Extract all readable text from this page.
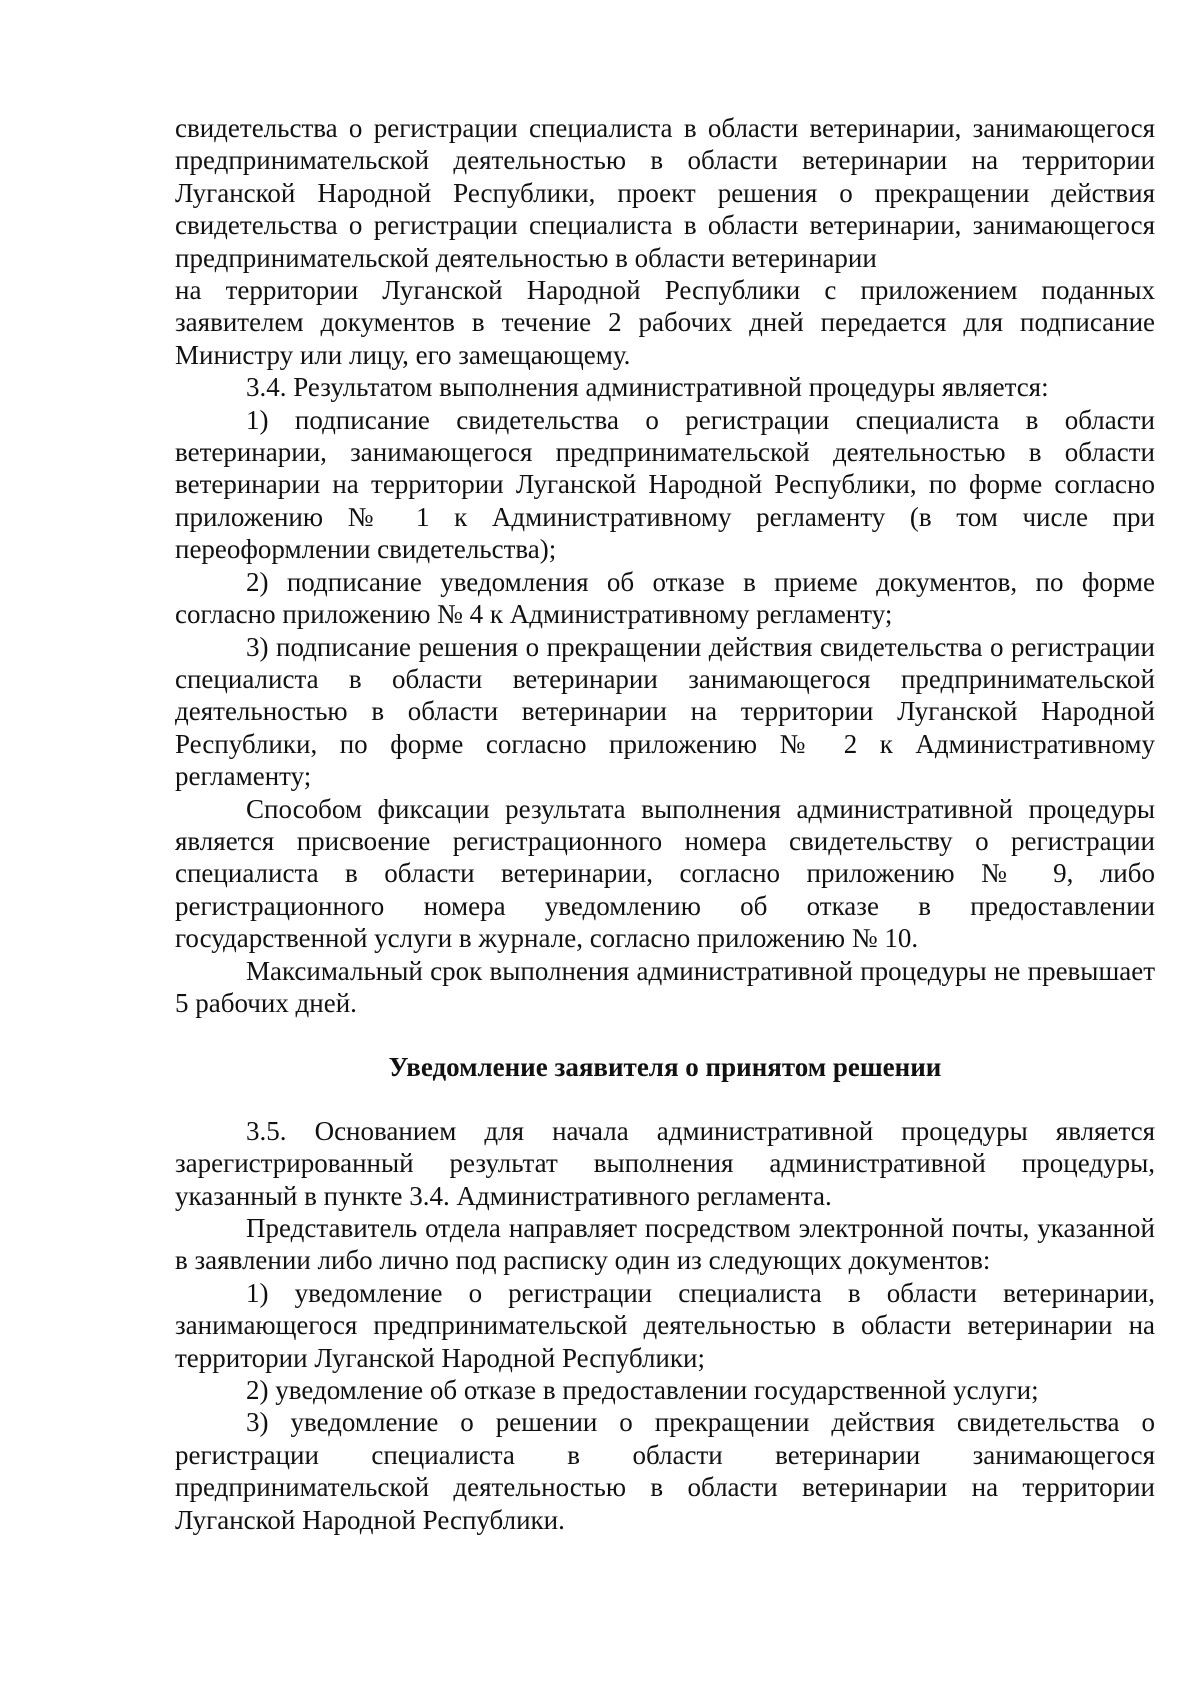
свидетельства о регистрации специалиста в области ветеринарии, занимающегося предпринимательской деятельностью в области ветеринарии на территории Луганской Народной Республики, проект решения о прекращении действия свидетельства о регистрации специалиста в области ветеринарии, занимающегося предпринимательской деятельностью в области ветеринарии

на территории Луганской Народной Республики с приложением поданных заявителем документов в течение 2 рабочих дней передается для подписание Министру или лицу, его замещающему.

3.4. Результатом выполнения административной процедуры является:

1) подписание свидетельства о регистрации специалиста в области ветеринарии, занимающегося предпринимательской деятельностью в области ветеринарии на территории Луганской Народной Республики, по форме согласно приложению № 1 к Административному регламенту (в том числе при переоформлении свидетельства);

2) подписание уведомления об отказе в приеме документов, по форме согласно приложению № 4 к Административному регламенту;

3) подписание решения о прекращении действия свидетельства о регистрации специалиста в области ветеринарии занимающегося предпринимательской деятельностью в области ветеринарии на территории Луганской Народной Республики, по форме согласно приложению № 2 к Административному регламенту;

Способом фиксации результата выполнения административной процедуры является присвоение регистрационного номера свидетельству о регистрации специалиста в области ветеринарии, согласно приложению № 9, либо регистрационного номера уведомлению об отказе в предоставлении государственной услуги в журнале, согласно приложению № 10.

Максимальный срок выполнения административной процедуры не превышает 5 рабочих дней.

Уведомление заявителя о принятом решении

3.5. Основанием для начала административной процедуры является зарегистрированный результат выполнения административной процедуры, указанный в пункте 3.4. Административного регламента.

Представитель отдела направляет посредством электронной почты, указанной в заявлении либо лично под расписку один из следующих документов:

1) уведомление о регистрации специалиста в области ветеринарии, занимающегося предпринимательской деятельностью в области ветеринарии на территории Луганской Народной Республики;

2) уведомление об отказе в предоставлении государственной услуги;

3) уведомление о решении о прекращении действия свидетельства о регистрации специалиста в области ветеринарии занимающегося предпринимательской деятельностью в области ветеринарии на территории Луганской Народной Республики.
